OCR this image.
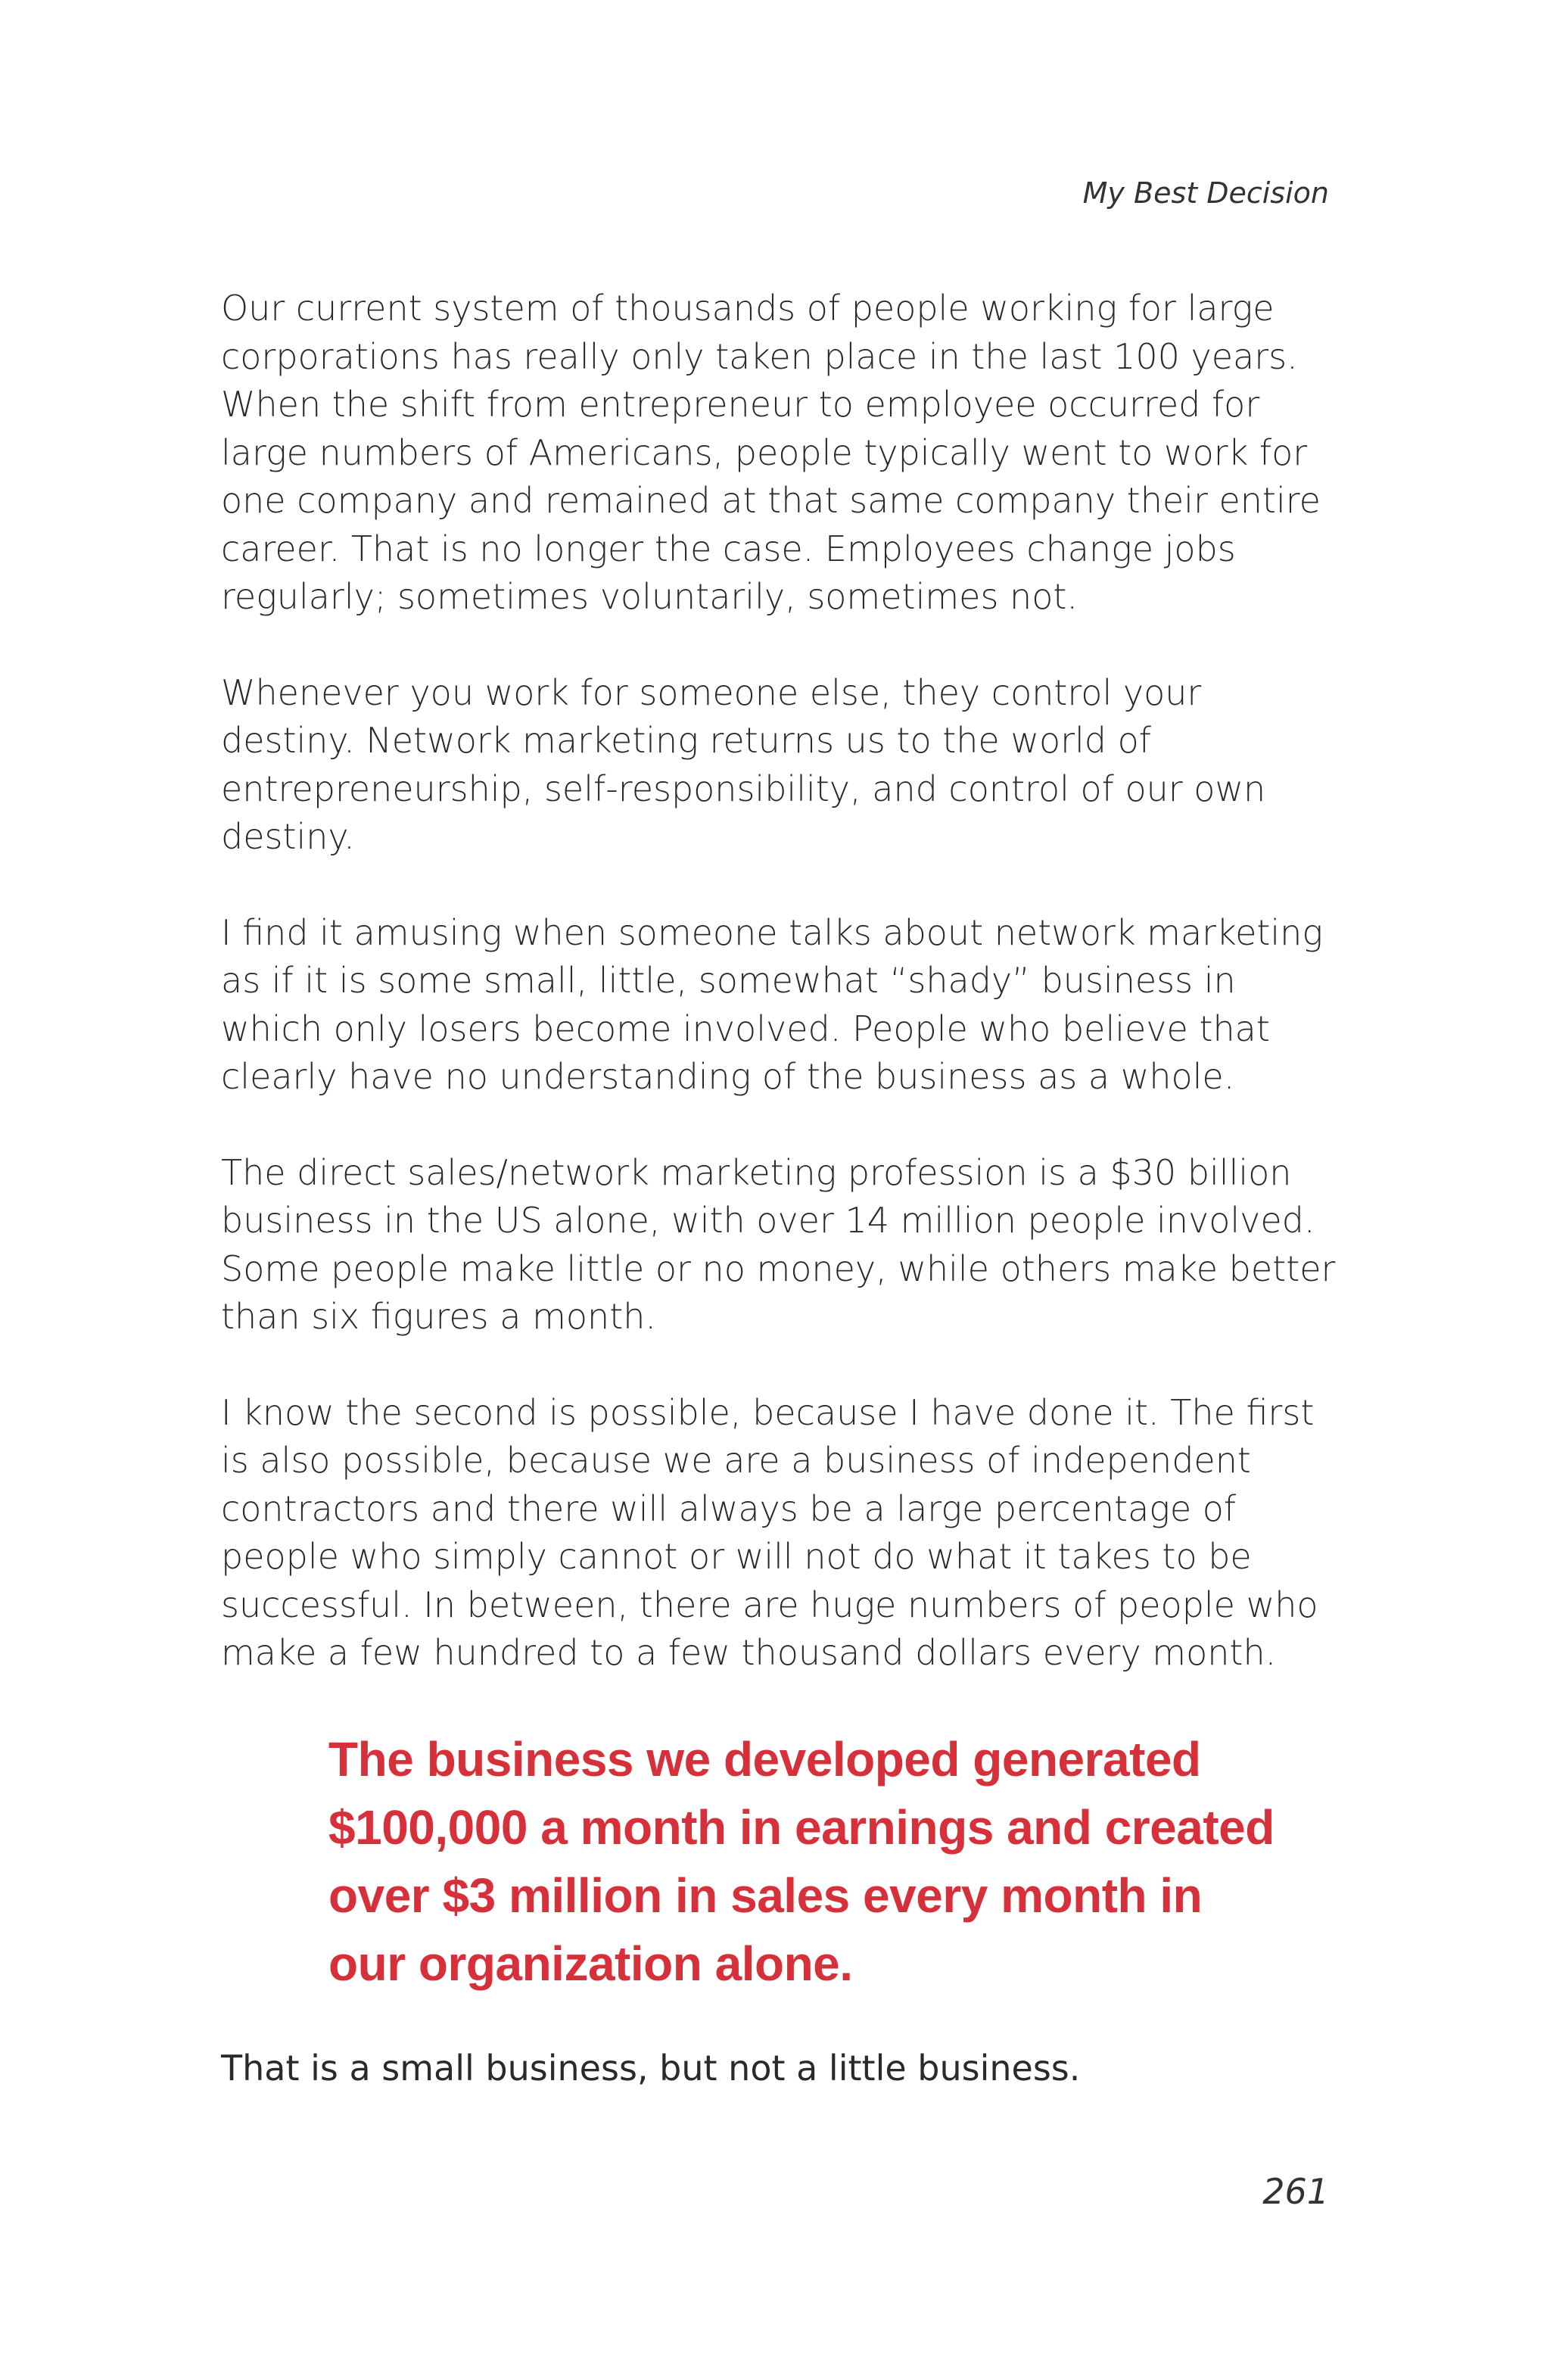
My Best Decision

Our current system of thousands of people working for large corporations has really only taken place in the last 100 years. When the shift from entrepreneur to employee occurred for large numbers of Americans, people typically went to work for one company and remained at that same company their entire career. That is no longer the case. Employees change jobs regularly; sometimes voluntarily, sometimes not.

Whenever you work for someone else, they control your destiny. Network marketing returns us to the world of entrepreneurship, self-responsibility, and control of our own destiny.

I find it amusing when someone talks about network marketing as if it is some small, little, somewhat “shady” business in which only losers become involved. People who believe that clearly have no understanding of the business as a whole.

The direct sales/network marketing profession is a $30 billion business in the US alone, with over 14 million people involved. Some people make little or no money, while others make better than six figures a month.

I know the second is possible, because I have done it. The first is also possible, because we are a business of independent contractors and there will always be a large percentage of people who simply cannot or will not do what it takes to be successful. In between, there are huge numbers of people who make a few hundred to a few thousand dollars every month.

The business we developed generated
$100,000 a month in earnings and created
over $3 million in sales every month in
our organization alone.

That is a small business, but not a little business.

261
